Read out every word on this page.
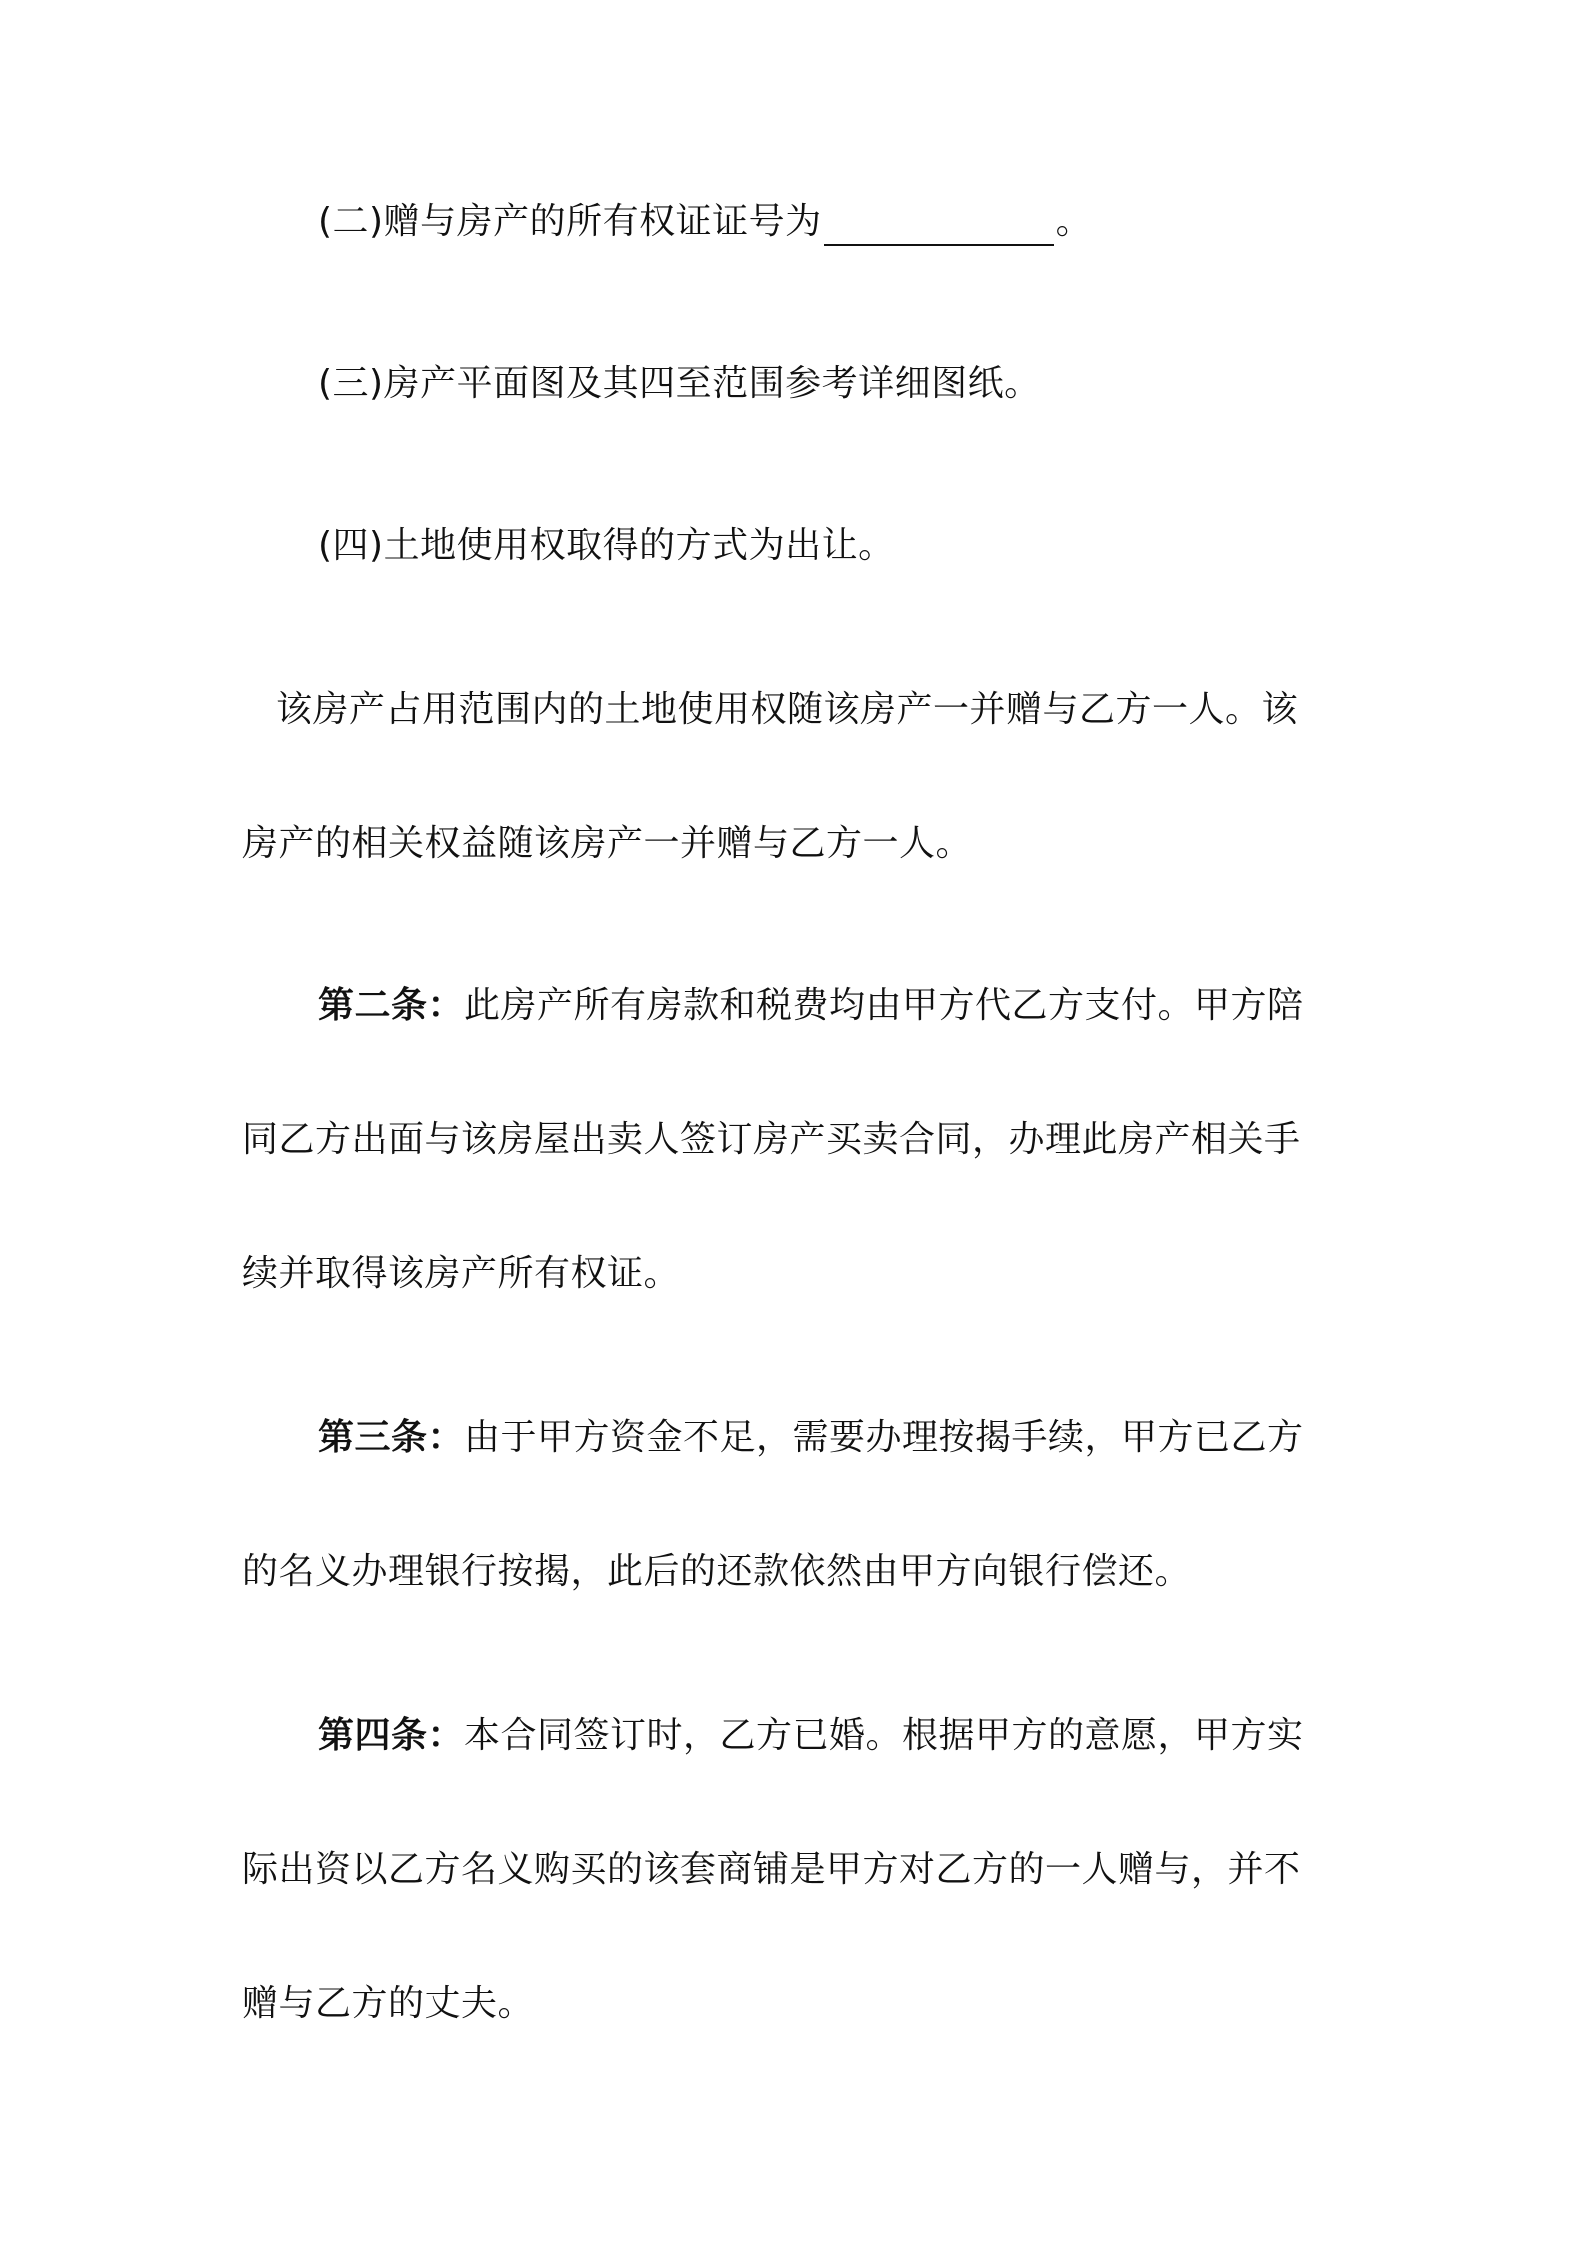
(二)赠与房产的所有权证证号为	。
(三)房产平面图及其四至范围参考详细图纸。
(四)土地使用权取得的方式为出让。
该房产占用范围内的土地使用权随该房产一并赠与乙方一人。该
房产的相关权益随该房产一并赠与乙方一人。
第二条：此房产所有房款和税费均由甲方代乙方支付。甲方陪
同乙方出面与该房屋出卖人签订房产买卖合同，办理此房产相关手
续并取得该房产所有权证。
第三条：由于甲方资金不足，需要办理按揭手续，甲方已乙方
的名义办理银行按揭，此后的还款依然由甲方向银行偿还。
第四条：本合同签订时，乙方已婚。根据甲方的意愿，甲方实
际出资以乙方名义购买的该套商铺是甲方对乙方的一人赠与，并不
赠与乙方的丈夫。
